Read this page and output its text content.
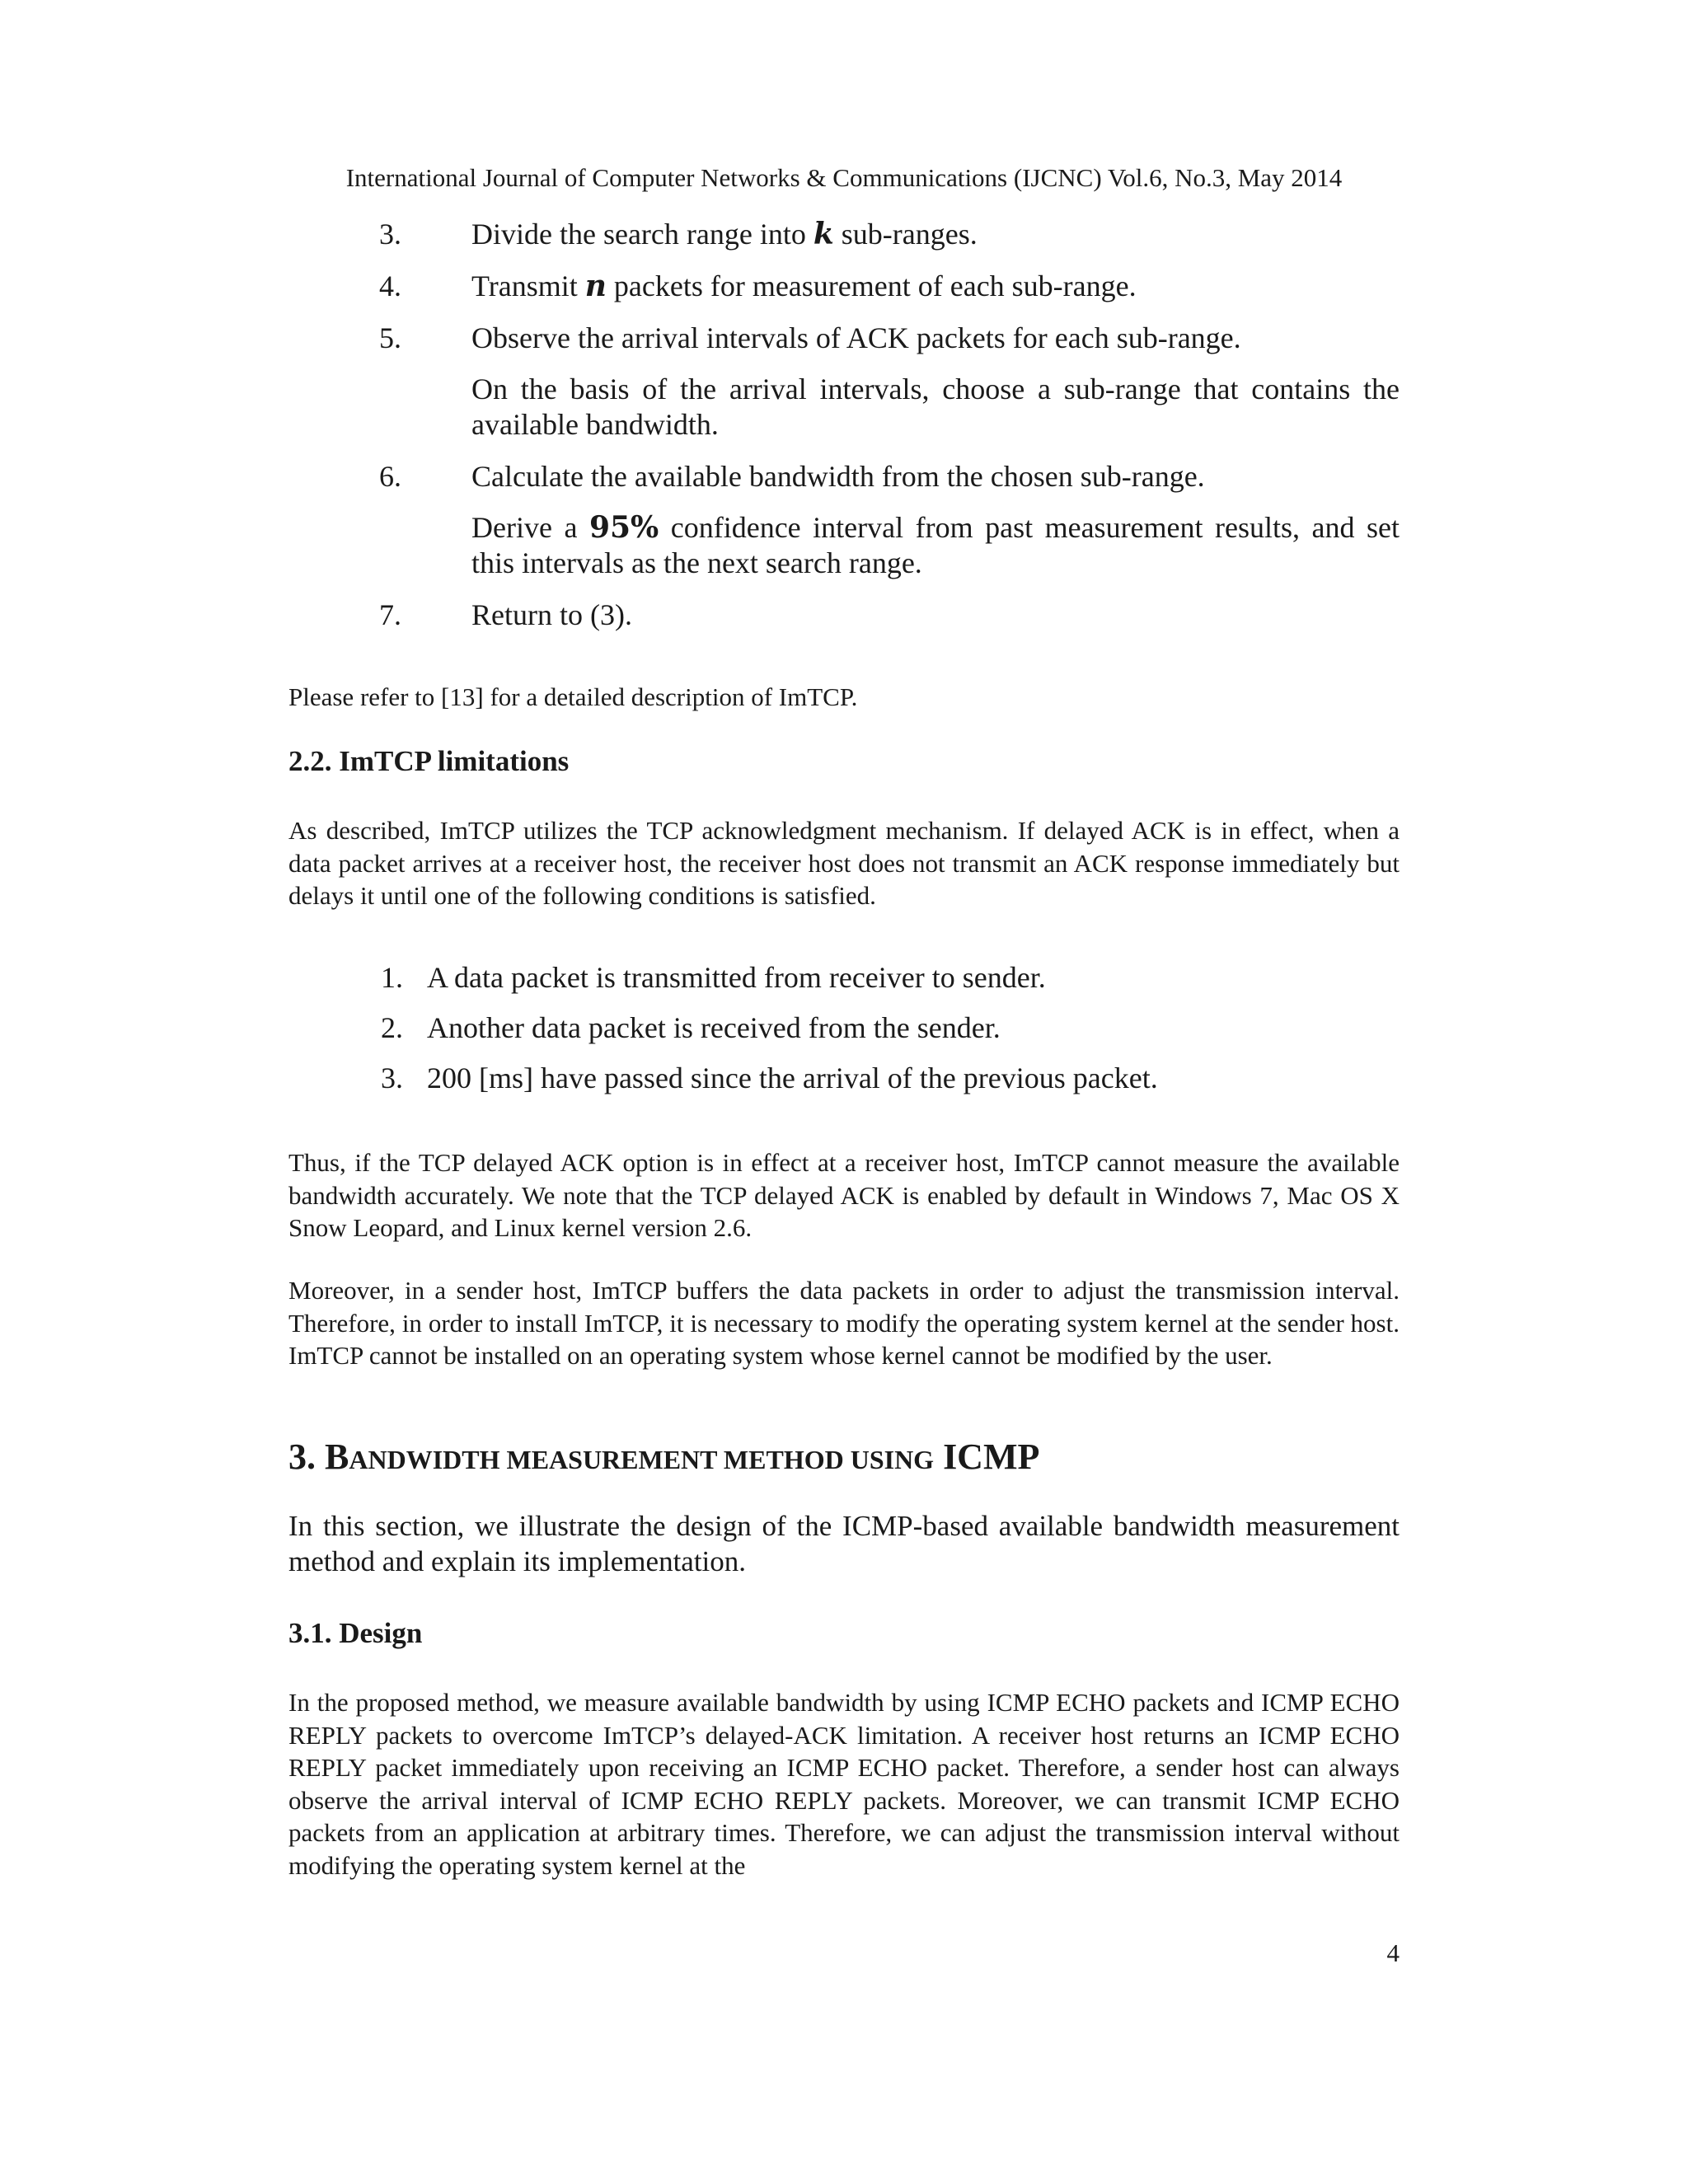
International Journal of Computer Networks & Communications (IJCNC) Vol.6, No.3, May 2014
3.	Divide the search range into k sub-ranges.
4.	Transmit n packets for measurement of each sub-range.
5.	Observe the arrival intervals of ACK packets for each sub-range.
On the basis of the arrival intervals, choose a sub-range that contains the available bandwidth.
6.	Calculate the available bandwidth from the chosen sub-range.
Derive a 95% confidence interval from past measurement results, and set this intervals as the next search range.
7.	Return to (3).

Please refer to [13] for a detailed description of ImTCP.

2.2. ImTCP limitations

As described, ImTCP utilizes the TCP acknowledgment mechanism. If delayed ACK is in effect, when a data packet arrives at a receiver host, the receiver host does not transmit an ACK response immediately but delays it until one of the following conditions is satisfied.

1. A data packet is transmitted from receiver to sender.
2. Another data packet is received from the sender.
3. 200 [ms] have passed since the arrival of the previous packet.

Thus, if the TCP delayed ACK option is in effect at a receiver host, ImTCP cannot measure the available bandwidth accurately. We note that the TCP delayed ACK is enabled by default in Windows 7, Mac OS X Snow Leopard, and Linux kernel version 2.6.

Moreover, in a sender host, ImTCP buffers the data packets in order to adjust the transmission interval. Therefore, in order to install ImTCP, it is necessary to modify the operating system kernel at the sender host. ImTCP cannot be installed on an operating system whose kernel cannot be modified by the user.

3. BANDWIDTH MEASUREMENT METHOD USING ICMP

In this section, we illustrate the design of the ICMP-based available bandwidth measurement method and explain its implementation.

3.1. Design

In the proposed method, we measure available bandwidth by using ICMP ECHO packets and ICMP ECHO REPLY packets to overcome ImTCP’s delayed-ACK limitation. A receiver host returns an ICMP ECHO REPLY packet immediately upon receiving an ICMP ECHO packet. Therefore, a sender host can always observe the arrival interval of ICMP ECHO REPLY packets. Moreover, we can transmit ICMP ECHO packets from an application at arbitrary times. Therefore, we can adjust the transmission interval without modifying the operating system kernel at the

4
